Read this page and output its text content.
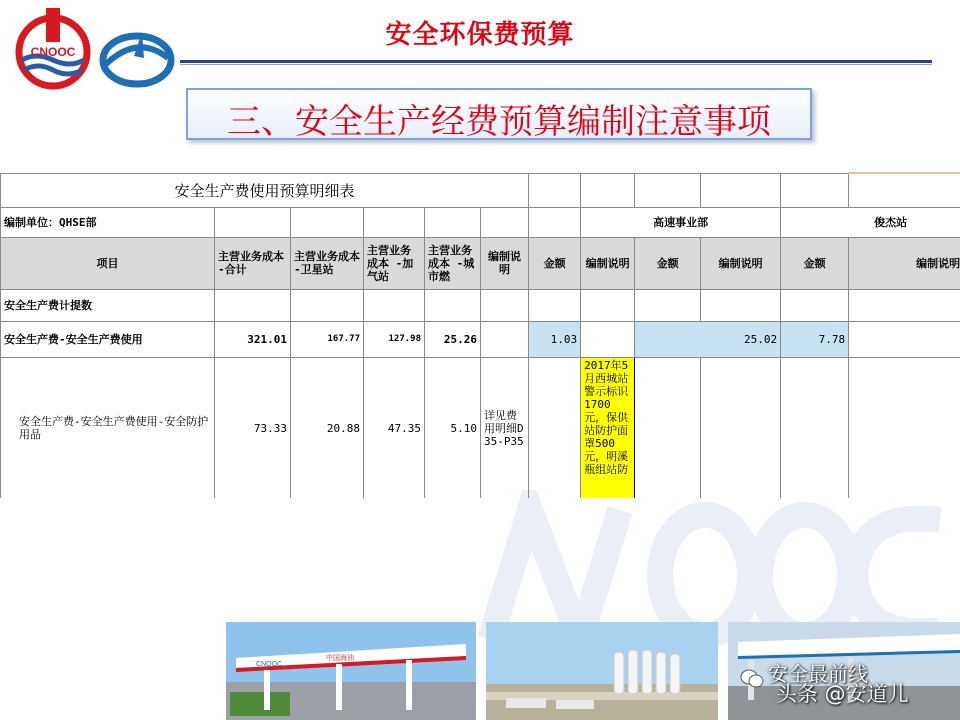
CNOOC
安全环保费预算
三、安全生产经费预算编制注意事项
安全生产费使用预算明细表											
编制单位：QHSE部							高速事业部			俊杰站	
项目	主营业务成本 -合计	主营业务成本 -卫星站	主营业务成本 -加气站	主营业务成本 -城市燃	编制说明	金额	编制说明	金额	编制说明	金额	编制说明
安全生产费计提数											
安全生产费-安全生产费使用	321.01	167.77	127.98	25.26		1.03		25.02		7.78	
安全生产费-安全生产费使用-安全防护用品	73.33	20.88	47.35	5.10	详见费用明细D35-P35		2017年5月西城站警示标识1700元，保供站防护面罩500元，明溪瓶组站防				
CNOOC
中国海油
安全最前线
头条 @安道儿
